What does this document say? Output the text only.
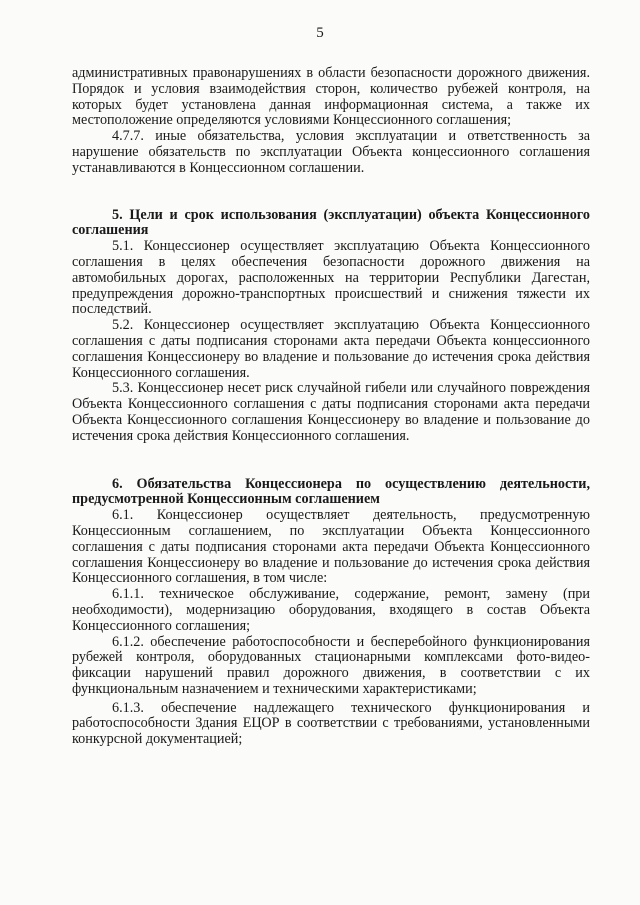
5

административных правонарушениях в области безопасности дорожного движения. Порядок и условия взаимодействия сторон, количество рубежей контроля, на которых будет установлена данная информационная система, а также их местоположение определяются условиями Концессионного соглашения;

4.7.7. иные обязательства, условия эксплуатации и ответственность за нарушение обязательств по эксплуатации Объекта концессионного соглашения устанавливаются в Концессионном соглашении.

5. Цели и срок использования (эксплуатации) объекта Концессионного соглашения

5.1. Концессионер осуществляет эксплуатацию Объекта Концессионного соглашения в целях обеспечения безопасности дорожного движения на автомобильных дорогах, расположенных на территории Республики Дагестан, предупреждения дорожно-транспортных происшествий и снижения тяжести их последствий.

5.2. Концессионер осуществляет эксплуатацию Объекта Концессионного соглашения с даты подписания сторонами акта передачи Объекта концессионного соглашения Концессионеру во владение и пользование до истечения срока действия Концессионного соглашения.

5.3. Концессионер несет риск случайной гибели или случайного повреждения Объекта Концессионного соглашения с даты подписания сторонами акта передачи Объекта Концессионного соглашения Концессионеру во владение и пользование до истечения срока действия Концессионного соглашения.

6. Обязательства Концессионера по осуществлению деятельности, предусмотренной Концессионным соглашением

6.1. Концессионер осуществляет деятельность, предусмотренную Концессионным соглашением, по эксплуатации Объекта Концессионного соглашения с даты подписания сторонами акта передачи Объекта Концессионного соглашения Концессионеру во владение и пользование до истечения срока действия Концессионного соглашения, в том числе:

6.1.1. техническое обслуживание, содержание, ремонт, замену (при необходимости), модернизацию оборудования, входящего в состав Объекта Концессионного соглашения;

6.1.2. обеспечение работоспособности и бесперебойного функционирования рубежей контроля, оборудованных стационарными комплексами фото-видео-фиксации нарушений правил дорожного движения, в соответствии с их функциональным назначением и техническими характеристиками;

6.1.3. обеспечение надлежащего технического функционирования и работоспособности Здания ЕЦОР в соответствии с требованиями, установленными конкурсной документацией;
